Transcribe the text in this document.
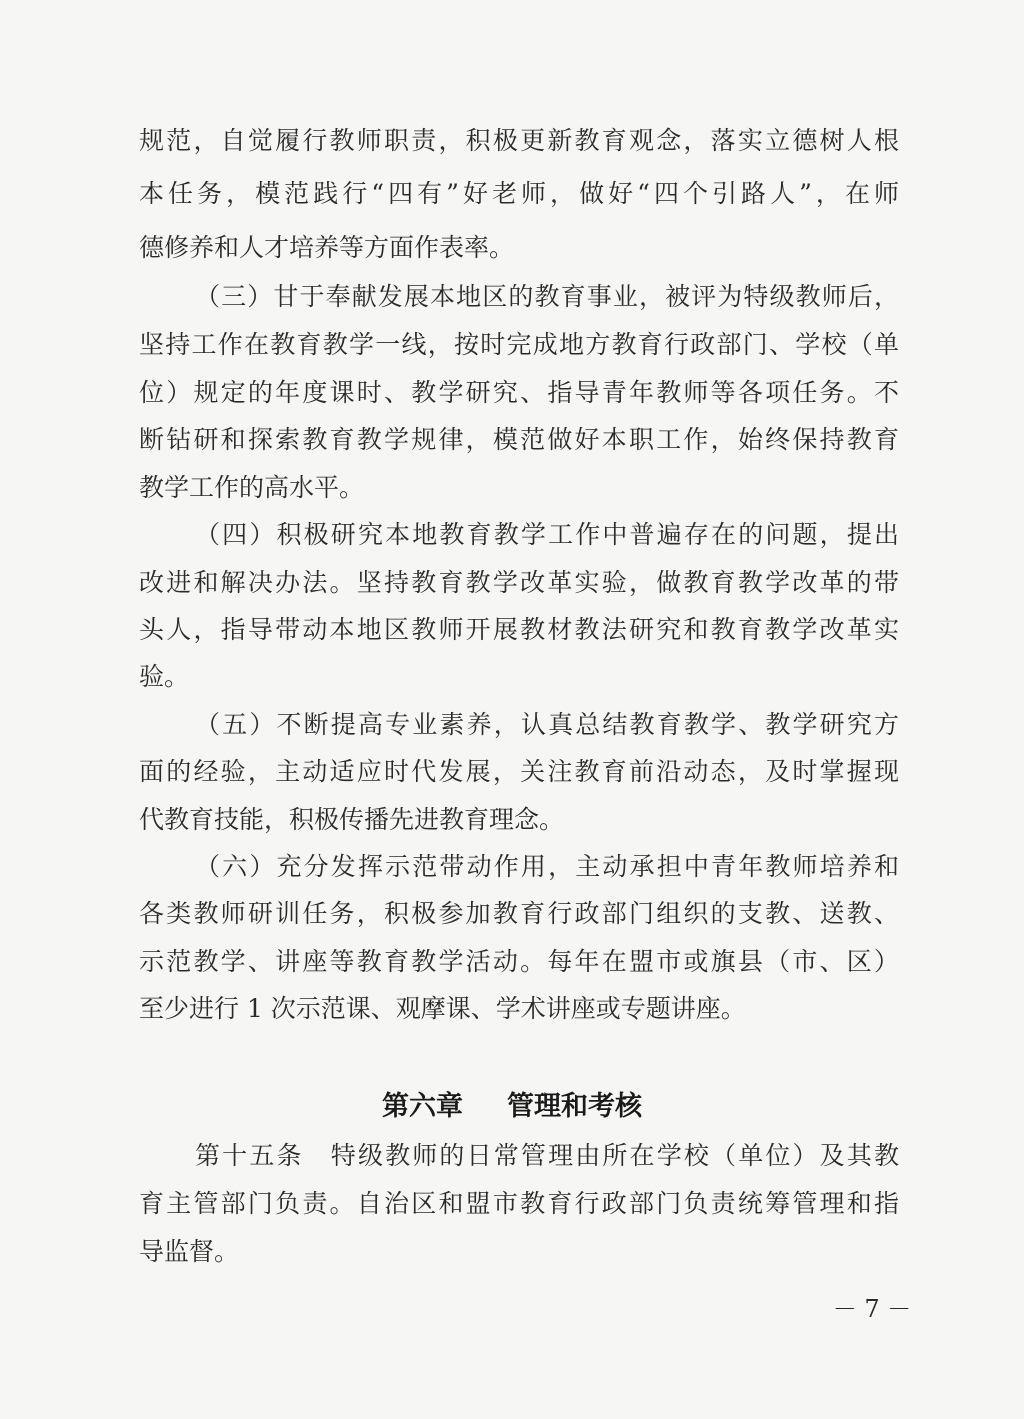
规范，自觉履行教师职责，积极更新教育观念，落实立德树人根
本任务，模范践行“四有”好老师，做好“四个引路人”，在师
德修养和人才培养等方面作表率。
（三）甘于奉献发展本地区的教育事业，被评为特级教师后，
坚持工作在教育教学一线，按时完成地方教育行政部门、学校（单
位）规定的年度课时、教学研究、指导青年教师等各项任务。不
断钻研和探索教育教学规律，模范做好本职工作，始终保持教育
教学工作的高水平。
（四）积极研究本地教育教学工作中普遍存在的问题，提出
改进和解决办法。坚持教育教学改革实验，做教育教学改革的带
头人，指导带动本地区教师开展教材教法研究和教育教学改革实
验。
（五）不断提高专业素养，认真总结教育教学、教学研究方
面的经验，主动适应时代发展，关注教育前沿动态，及时掌握现
代教育技能，积极传播先进教育理念。
（六）充分发挥示范带动作用，主动承担中青年教师培养和
各类教师研训任务，积极参加教育行政部门组织的支教、送教、
示范教学、讲座等教育教学活动。每年在盟市或旗县（市、区）
至少进行 1 次示范课、观摩课、学术讲座或专题讲座。
第六章 管理和考核
第十五条　特级教师的日常管理由所在学校（单位）及其教
育主管部门负责。自治区和盟市教育行政部门负责统筹管理和指
导监督。
－ 7 －
